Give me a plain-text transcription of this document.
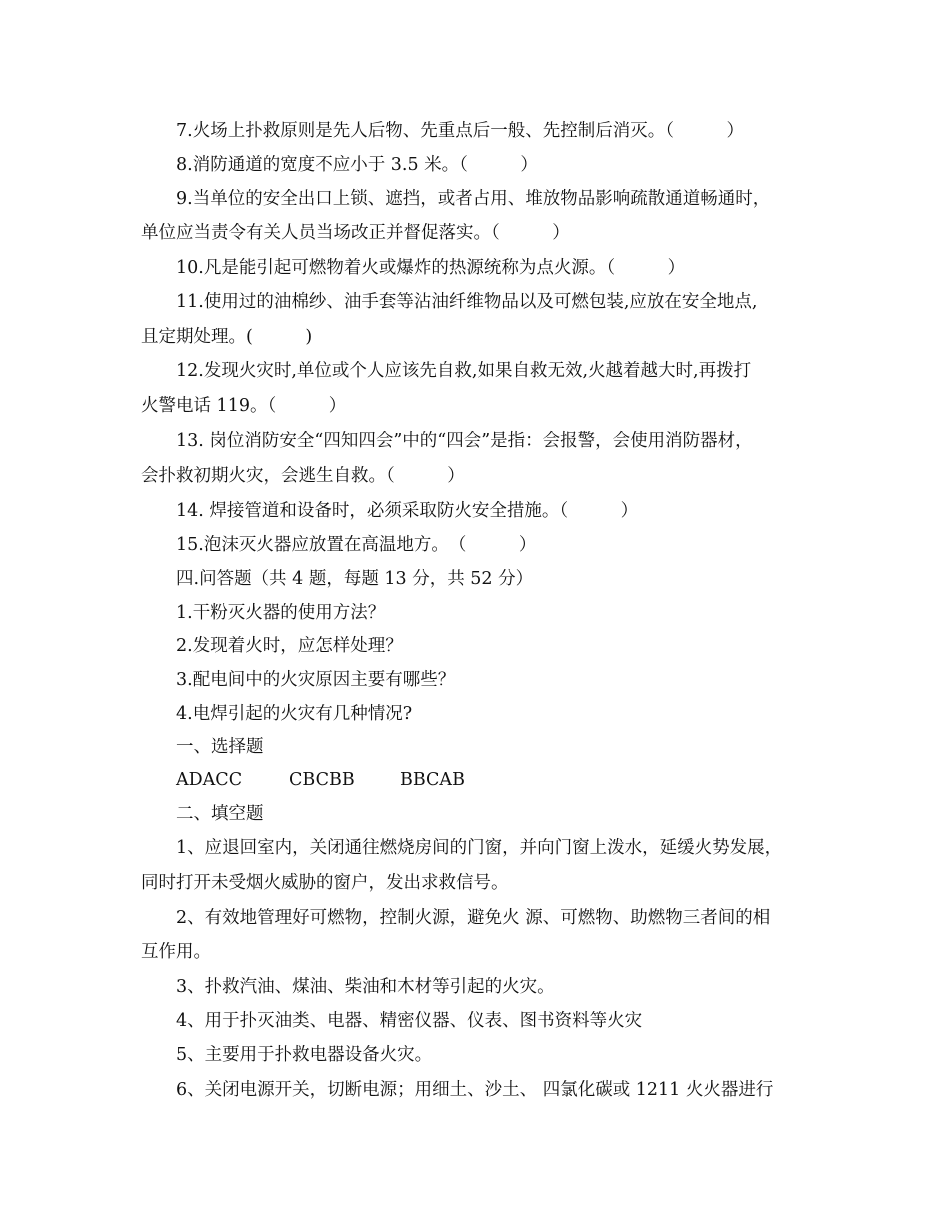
7.火场上扑救原则是先人后物、先重点后一般、先控制后消灭。（　　　）
8.消防通道的宽度不应小于 3.5 米。（　　　）
9.当单位的安全出口上锁、遮挡，或者占用、堆放物品影响疏散通道畅通时，
单位应当责令有关人员当场改正并督促落实。（　　　）
10.凡是能引起可燃物着火或爆炸的热源统称为点火源。（　　　）
11.使用过的油棉纱、油手套等沾油纤维物品以及可燃包装,应放在安全地点,
且定期处理。(　　　)
12.发现火灾时,单位或个人应该先自救,如果自救无效,火越着越大时,再拨打
火警电话 119。（　　　）
13. 岗位消防安全“四知四会”中的“四会”是指：会报警，会使用消防器材，
会扑救初期火灾，会逃生自救。（　　　）
14. 焊接管道和设备时，必须采取防火安全措施。（　　　）
15.泡沫灭火器应放置在高温地方。　（　　　）
四.问答题（共 4 题，每题 13 分，共 52 分）
1.干粉灭火器的使用方法？
2.发现着火时，应怎样处理？
3.配电间中的火灾原因主要有哪些？
4.电焊引起的火灾有几种情况?
一、选择题
ADACC	CBCBB	BBCAB
二、填空题
1、应退回室内，关闭通往燃烧房间的门窗，并向门窗上泼水，延缓火势发展，
同时打开未受烟火威胁的窗户，发出求救信号。
2、有效地管理好可燃物，控制火源，避免火 源、可燃物、助燃物三者间的相
互作用。
3、扑救汽油、煤油、柴油和木材等引起的火灾。
4、用于扑灭油类、电器、精密仪器、仪表、图书资料等火灾
5、主要用于扑救电器设备火灾。
6、关闭电源开关，切断电源；用细土、沙土、 四氯化碳或 1211 火火器进行
